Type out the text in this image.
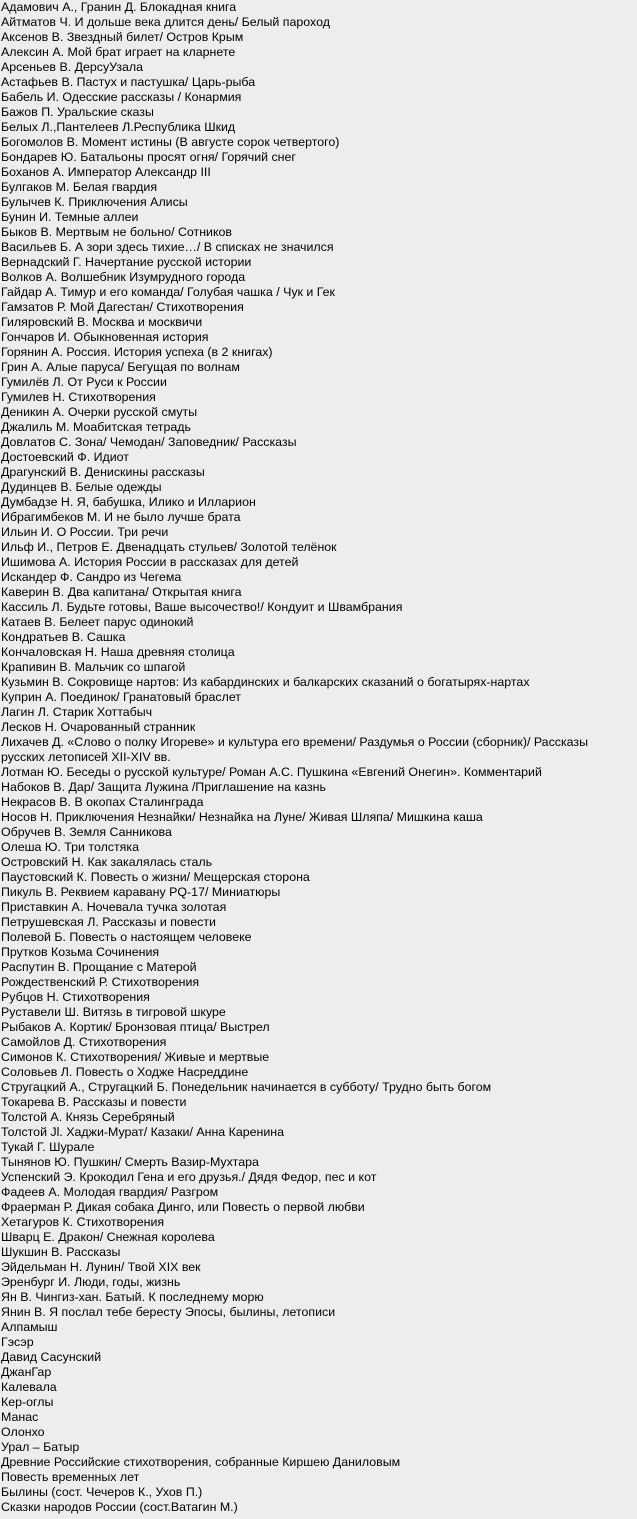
Адамович А., Гранин Д. Блокадная книга
Айтматов Ч. И дольше века длится день/ Белый пароход
Аксенов В. Звездный билет/ Остров Крым
Алексин А. Мой брат играет на кларнете
Арсеньев В. ДерсуУзала
Астафьев В. Пастух и пастушка/ Царь-рыба
Бабель И. Одесские рассказы / Конармия
Бажов П. Уральские сказы
Белых Л.,Пантелеев Л.Республика Шкид
Богомолов В. Момент истины (В августе сорок четвертого)
Бондарев Ю. Батальоны просят огня/ Горячий снег
Боханов А. Император Александр III
Булгаков М. Белая гвардия
Булычев К. Приключения Алисы
Бунин И. Темные аллеи
Быков В. Мертвым не больно/ Сотников
Васильев Б. А зори здесь тихие…/ В списках не значился
Вернадский Г. Начертание русской истории
Волков А. Волшебник Изумрудного города
Гайдар А. Тимур и его команда/ Голубая чашка / Чук и Гек
Гамзатов Р. Мой Дагестан/ Стихотворения
Гиляровский В. Москва и москвичи
Гончаров И. Обыкновенная история
Горянин А. Россия. История успеха (в 2 книгах)
Грин А. Алые паруса/ Бегущая по волнам
Гумилёв Л. От Руси к России
Гумилев Н. Стихотворения
Деникин А. Очерки русской смуты
Джалиль М. Моабитская тетрадь
Довлатов С. Зона/ Чемодан/ Заповедник/ Рассказы
Достоевский Ф. Идиот
Драгунский В. Денискины рассказы
Дудинцев В. Белые одежды
Думбадзе Н. Я, бабушка, Илико и Илларион
Ибрагимбеков М. И не было лучше брата
Ильин И. О России. Три речи
Ильф И., Петров Е. Двенадцать стульев/ Золотой телёнок
Ишимова А. История России в рассказах для детей
Искандер Ф. Сандро из Чегема
Каверин В. Два капитана/ Открытая книга
Кассиль Л. Будьте готовы, Ваше высочество!/ Кондуит и Швамбрания
Катаев В. Белеет парус одинокий
Кондратьев В. Сашка
Кончаловская Н. Наша древняя столица
Крапивин В. Мальчик со шпагой
Кузьмин В. Сокровище нартов: Из кабардинских и балкарских сказаний о богатырях-нартах
Куприн А. Поединок/ Гранатовый браслет
Лагин Л. Старик Хоттабыч
Лесков Н. Очарованный странник
Лихачев Д. «Слово о полку Игореве» и культура его времени/ Раздумья о России (сборник)/ Рассказы русских летописей XII-XIV вв.
Лотман Ю. Беседы о русской культуре/ Роман А.С. Пушкина «Евгений Онегин». Комментарий
Набоков В. Дар/ Защита Лужина /Приглашение на казнь
Некрасов В. В окопах Сталинграда
Носов Н. Приключения Незнайки/ Незнайка на Луне/ Живая Шляпа/ Мишкина каша
Обручев В. Земля Санникова
Олеша Ю. Три толстяка
Островский Н. Как закалялась сталь
Паустовский К. Повесть о жизни/ Мещерская сторона
Пикуль В. Реквием каравану PQ-17/ Миниатюры
Приставкин А. Ночевала тучка золотая
Петрушевская Л. Рассказы и повести
Полевой Б. Повесть о настоящем человеке
Прутков Козьма Сочинения
Распутин В. Прощание с Матерой
Рождественский Р. Стихотворения
Рубцов Н. Стихотворения
Руставели Ш. Витязь в тигровой шкуре
Рыбаков А. Кортик/ Бронзовая птица/ Выстрел
Самойлов Д. Стихотворения
Симонов К. Стихотворения/ Живые и мертвые
Соловьев Л. Повесть о Ходже Насреддине
Стругацкий А., Стругацкий Б. Понедельник начинается в субботу/ Трудно быть богом
Токарева В. Рассказы и повести
Толстой А. Князь Серебряный
Толстой Jl. Хаджи-Мурат/ Казаки/ Анна Каренина
Тукай Г. Шурале
Тынянов Ю. Пушкин/ Смерть Вазир-Мухтара
Успенский Э. Крокодил Гена и его друзья./ Дядя Федор, пес и кот
Фадеев А. Молодая гвардия/ Разгром
Фраерман Р. Дикая собака Динго, или Повесть о первой любви
Хетагуров К. Стихотворения
Шварц Е. Дракон/ Снежная королева
Шукшин В. Рассказы
Эйдельман Н. Лунин/ Твой XIX век
Эренбург И. Люди, годы, жизнь
Ян В. Чингиз-хан. Батый. К последнему морю
Янин В. Я послал тебе бересту Эпосы, былины, летописи
Алпамыш
Гэсэр
Давид Сасунский
ДжанГар
Калевала
Кер-оглы
Манас
Олонхо
Урал – Батыр
Древние Российские стихотворения, собранные Киршею Даниловым
Повесть временных лет
Былины (сост. Чечеров К., Ухов П.)
Сказки народов России (сост.Ватагин М.)
